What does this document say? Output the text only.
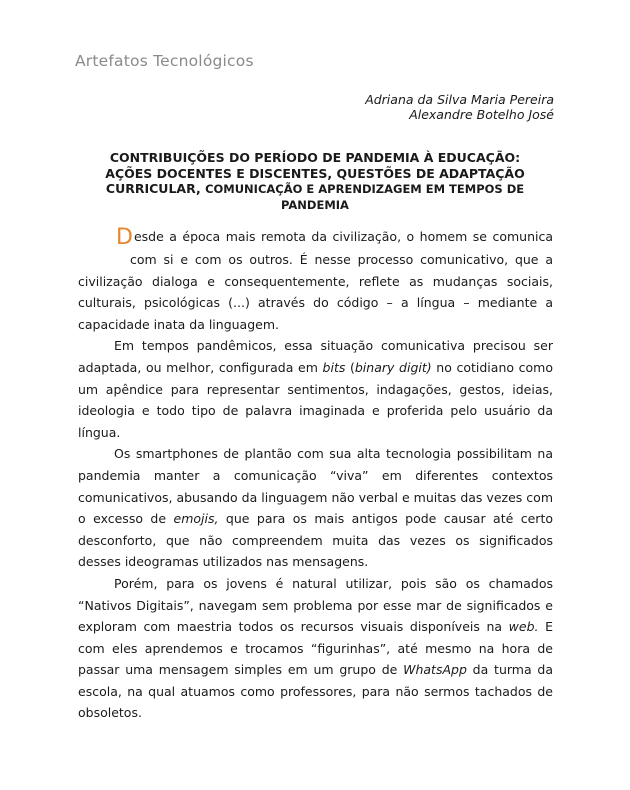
Artefatos Tecnológicos
Adriana da Silva Maria Pereira
Alexandre Botelho José
CONTRIBUIÇÕES DO PERÍODO DE PANDEMIA À EDUCAÇÃO:
AÇÕES DOCENTES E DISCENTES, QUESTÕES DE ADAPTAÇÃO
CURRICULAR, COMUNICAÇÃO E APRENDIZAGEM EM TEMPOS DE
PANDEMIA

Desde a época mais remota da civilização, o homem se comunica
com si e com os outros. É nesse processo comunicativo, que a
civilização dialoga e consequentemente, reflete as mudanças sociais, culturais, psicológicas (...) através do código – a língua – mediante a capacidade inata da linguagem.

Em tempos pandêmicos, essa situação comunicativa precisou ser adaptada, ou melhor, configurada em bits (binary digit) no cotidiano como um apêndice para representar sentimentos, indagações, gestos, ideias, ideologia e todo tipo de palavra imaginada e proferida pelo usuário da língua.

Os smartphones de plantão com sua alta tecnologia possibilitam na pandemia manter a comunicação “viva” em diferentes contextos comunicativos, abusando da linguagem não verbal e muitas das vezes com o excesso de emojis, que para os mais antigos pode causar até certo desconforto, que não compreendem muita das vezes os significados desses ideogramas utilizados nas mensagens.

Porém, para os jovens é natural utilizar, pois são os chamados “Nativos Digitais”, navegam sem problema por esse mar de significados e exploram com maestria todos os recursos visuais disponíveis na web. E com eles aprendemos e trocamos “figurinhas”, até mesmo na hora de passar uma mensagem simples em um grupo de WhatsApp da turma da escola, na qual atuamos como professores, para não sermos tachados de obsoletos.
